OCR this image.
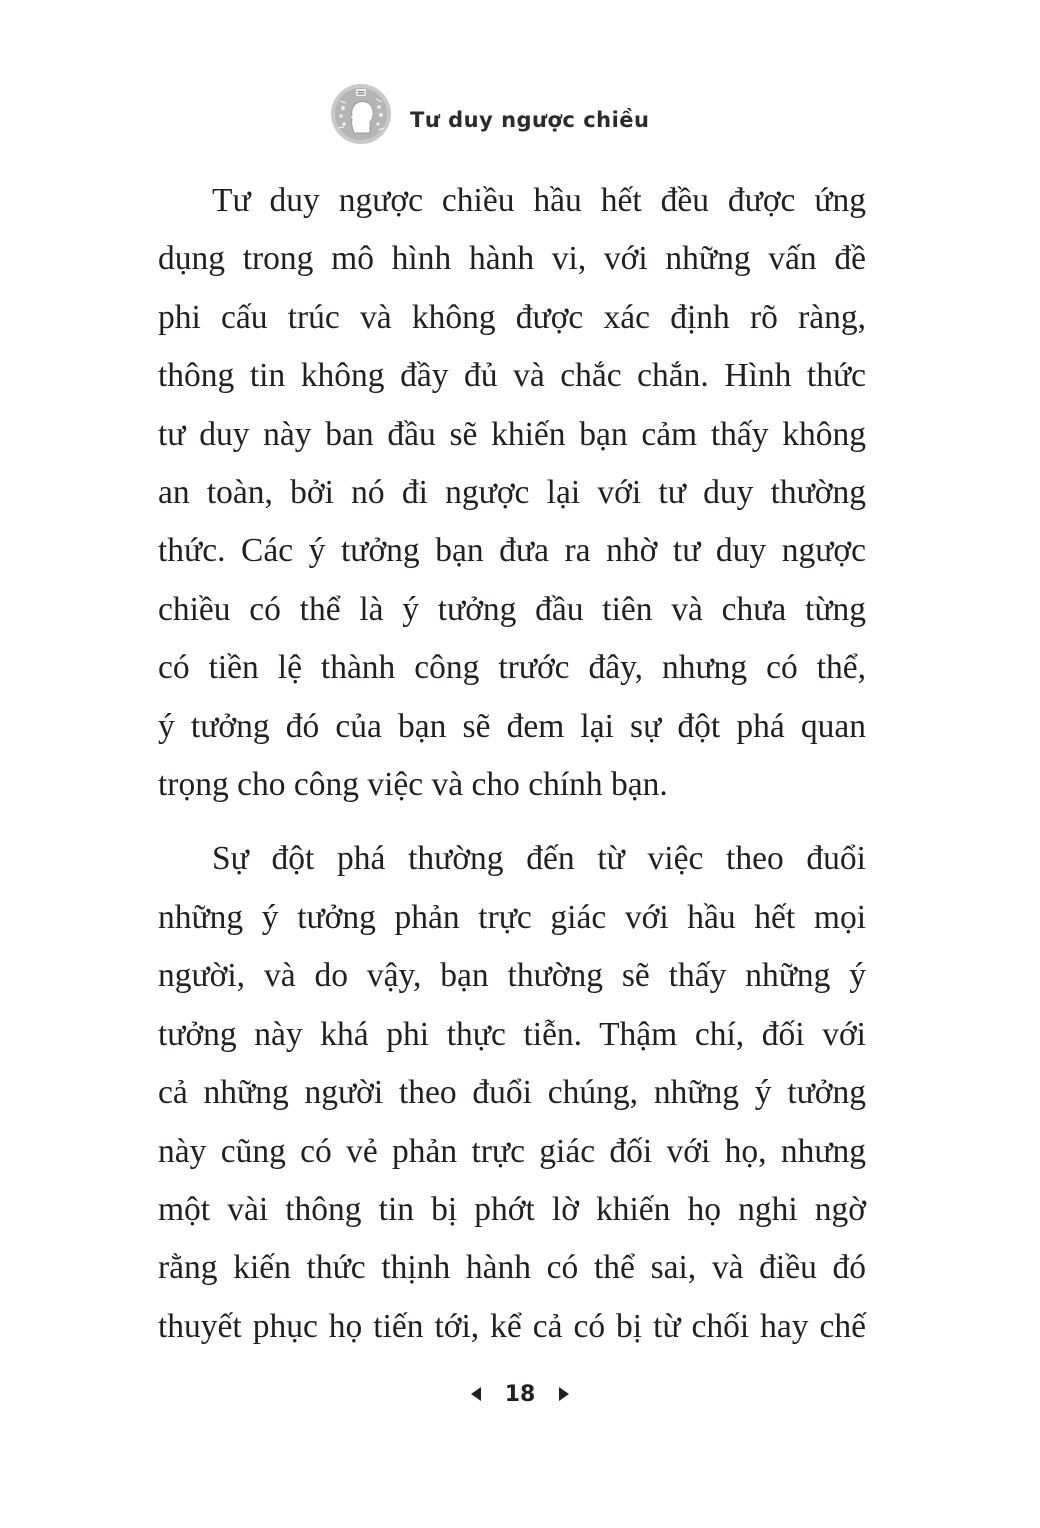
Tư duy ngược chiều

Tư duy ngược chiều hầu hết đều được ứng
dụng trong mô hình hành vi, với những vấn đề
phi cấu trúc và không được xác định rõ ràng,
thông tin không đầy đủ và chắc chắn. Hình thức
tư duy này ban đầu sẽ khiến bạn cảm thấy không
an toàn, bởi nó đi ngược lại với tư duy thường
thức. Các ý tưởng bạn đưa ra nhờ tư duy ngược
chiều có thể là ý tưởng đầu tiên và chưa từng
có tiền lệ thành công trước đây, nhưng có thể,
ý tưởng đó của bạn sẽ đem lại sự đột phá quan
trọng cho công việc và cho chính bạn.

Sự đột phá thường đến từ việc theo đuổi
những ý tưởng phản trực giác với hầu hết mọi
người, và do vậy, bạn thường sẽ thấy những ý
tưởng này khá phi thực tiễn. Thậm chí, đối với
cả những người theo đuổi chúng, những ý tưởng
này cũng có vẻ phản trực giác đối với họ, nhưng
một vài thông tin bị phớt lờ khiến họ nghi ngờ
rằng kiến thức thịnh hành có thể sai, và điều đó
thuyết phục họ tiến tới, kể cả có bị từ chối hay chế

18
